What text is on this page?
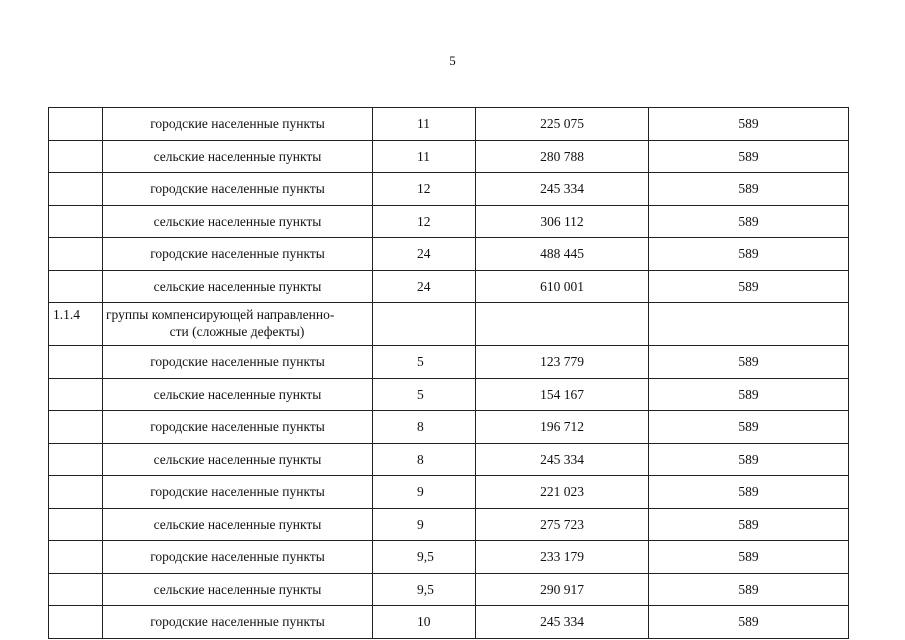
5
	городские населенные пункты	11	225 075	589
	сельские населенные пункты	11	280 788	589
	городские населенные пункты	12	245 334	589
	сельские населенные пункты	12	306 112	589
	городские населенные пункты	24	488 445	589
	сельские населенные пункты	24	610 001	589
1.1.4	группы компенсирующей направленно-
сти (сложные дефекты)			

	городские населенные пункты	5	123 779	589
	сельские населенные пункты	5	154 167	589
	городские населенные пункты	8	196 712	589
	сельские населенные пункты	8	245 334	589
	городские населенные пункты	9	221 023	589
	сельские населенные пункты	9	275 723	589
	городские населенные пункты	9,5	233 179	589
	сельские населенные пункты	9,5	290 917	589
	городские населенные пункты	10	245 334	589
